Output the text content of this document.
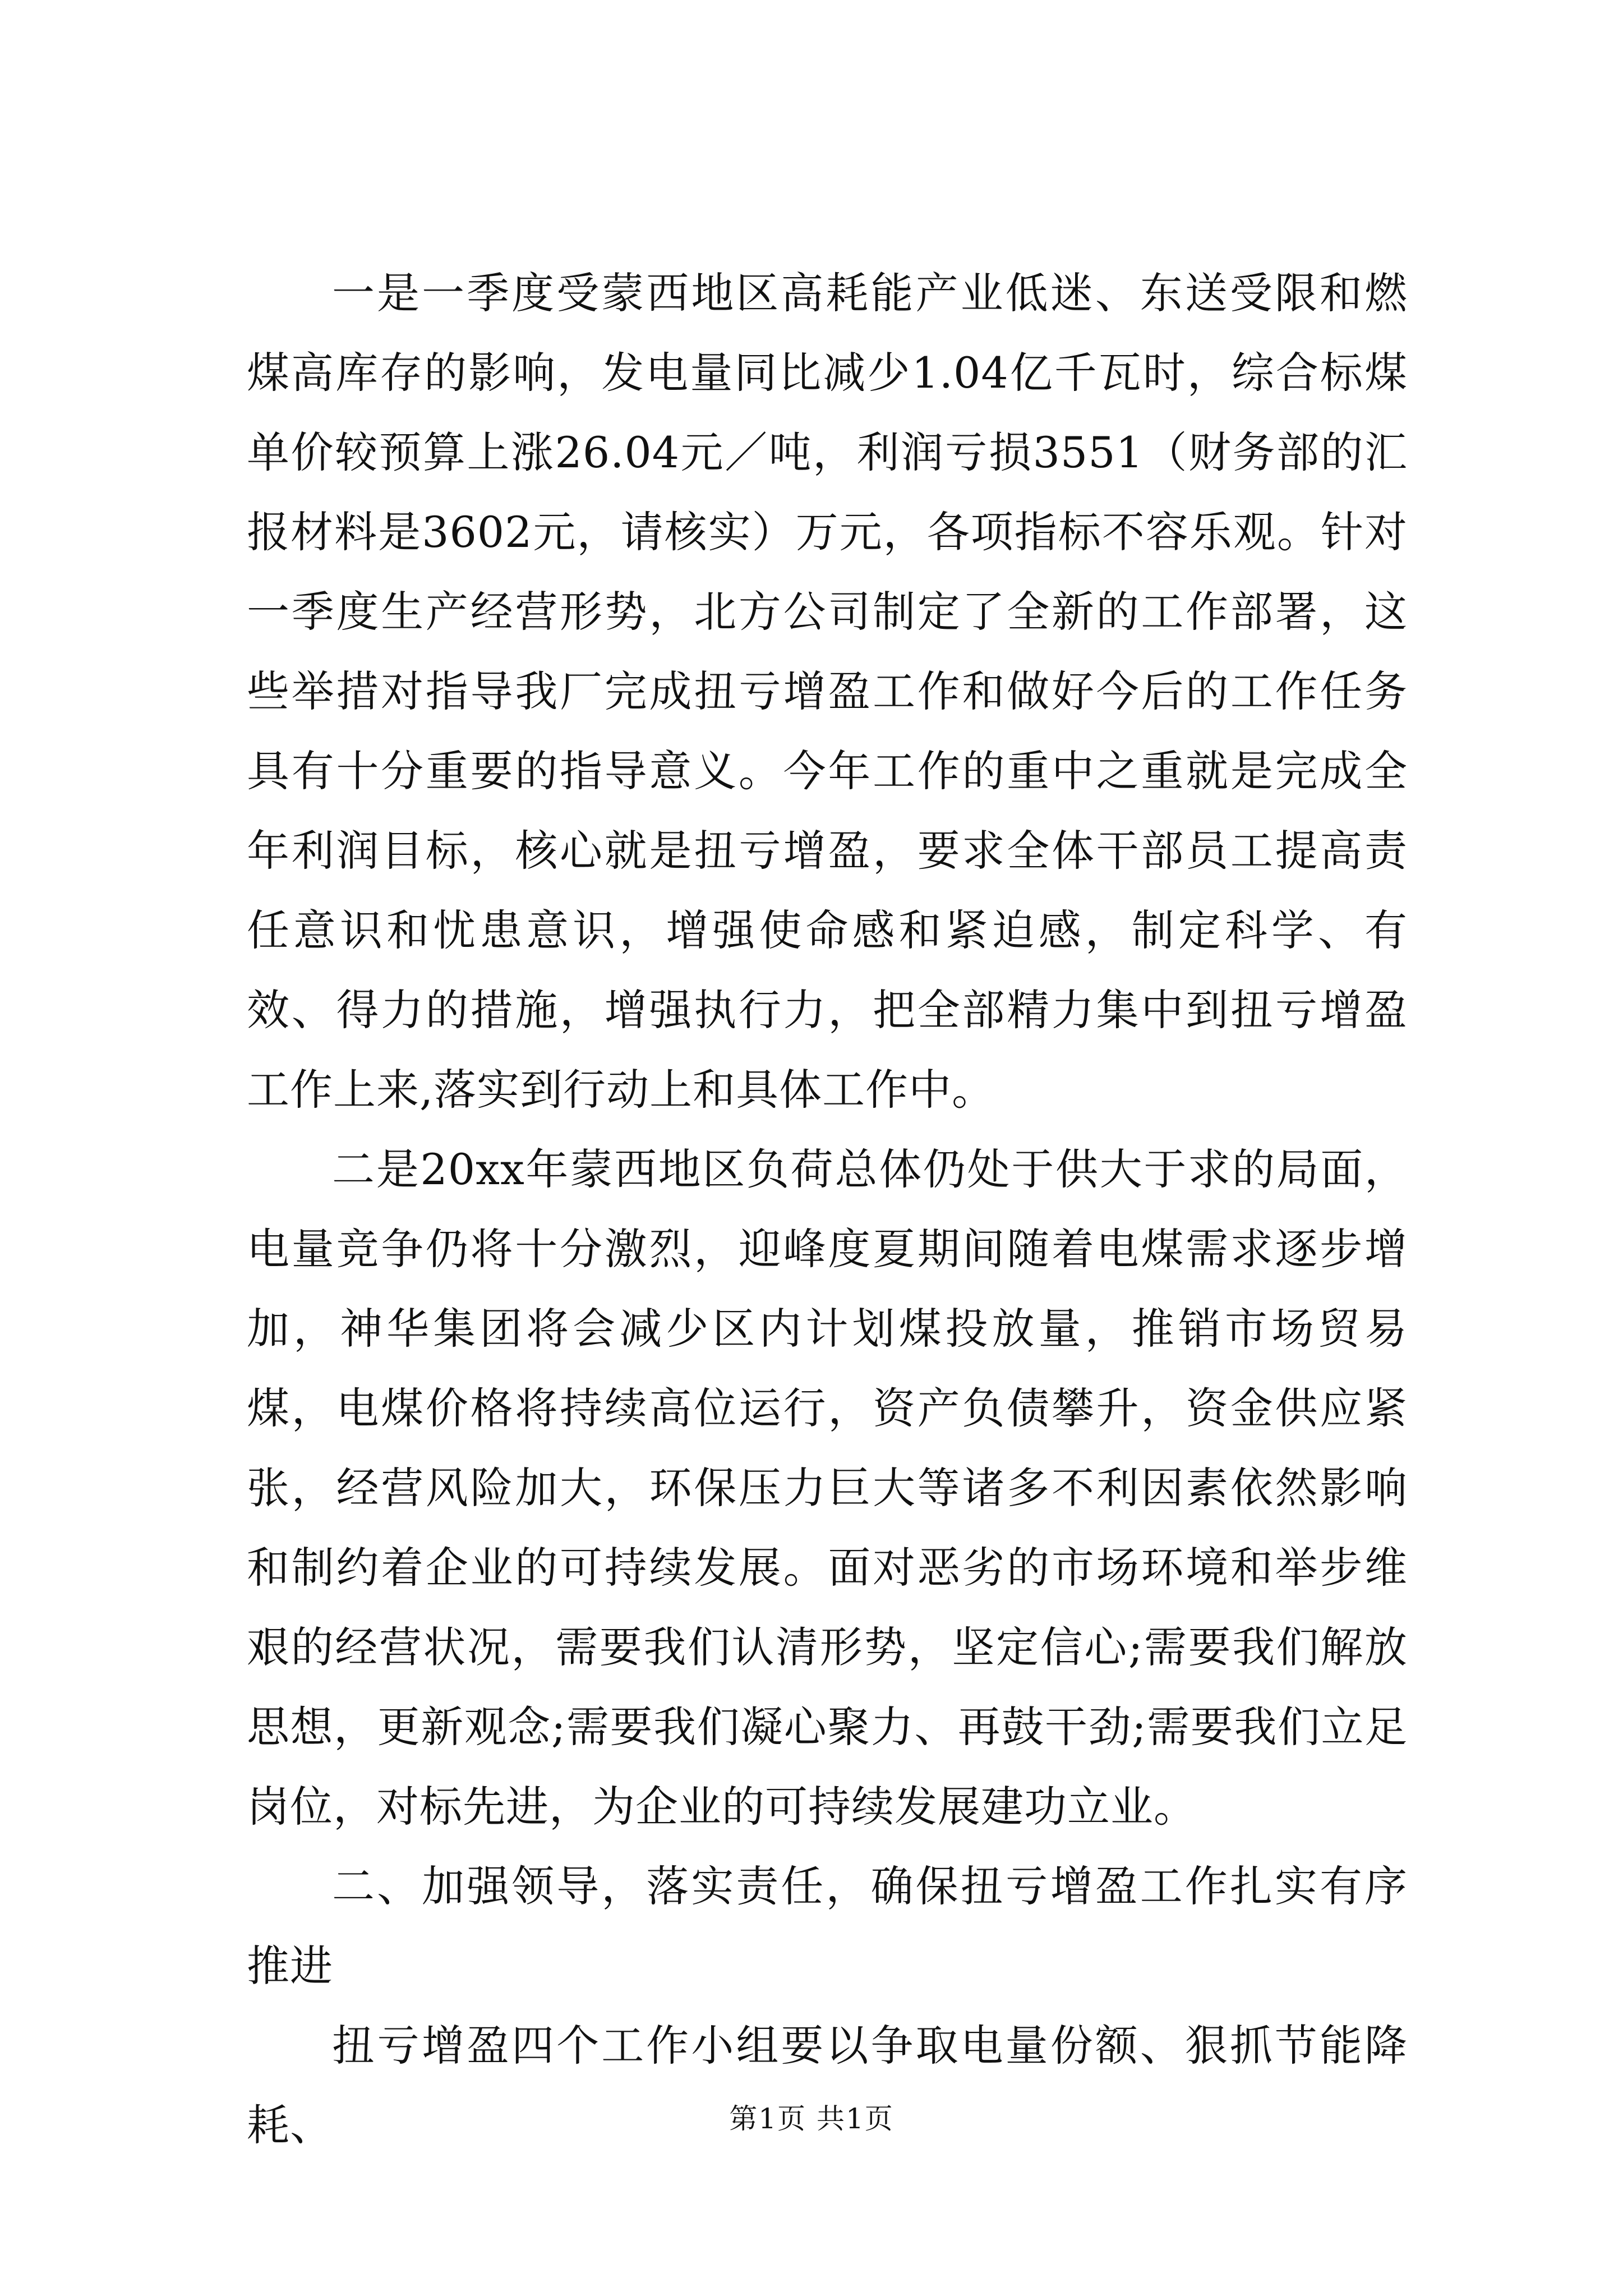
一是一季度受蒙西地区高耗能产业低迷、东送受限和燃煤高库存的影响，发电量同比减少1.04亿千瓦时，综合标煤单价较预算上涨26.04元／吨，利润亏损3551（财务部的汇报材料是3602元，请核实）万元，各项指标不容乐观。针对一季度生产经营形势，北方公司制定了全新的工作部署，这些举措对指导我厂完成扭亏增盈工作和做好今后的工作任务具有十分重要的指导意义。今年工作的重中之重就是完成全年利润目标，核心就是扭亏增盈，要求全体干部员工提高责任意识和忧患意识，增强使命感和紧迫感，制定科学、有效、得力的措施，增强执行力，把全部精力集中到扭亏增盈工作上来,落实到行动上和具体工作中。

二是20xx年蒙西地区负荷总体仍处于供大于求的局面，电量竞争仍将十分激烈，迎峰度夏期间随着电煤需求逐步增加，神华集团将会减少区内计划煤投放量，推销市场贸易煤，电煤价格将持续高位运行，资产负债攀升，资金供应紧张，经营风险加大，环保压力巨大等诸多不利因素依然影响和制约着企业的可持续发展。面对恶劣的市场环境和举步维艰的经营状况，需要我们认清形势，坚定信心;需要我们解放思想，更新观念;需要我们凝心聚力、再鼓干劲;需要我们立足岗位，对标先进，为企业的可持续发展建功立业。

二、加强领导，落实责任，确保扭亏增盈工作扎实有序推进

扭亏增盈四个工作小组要以争取电量份额、狠抓节能降耗、	第1页 共1页
